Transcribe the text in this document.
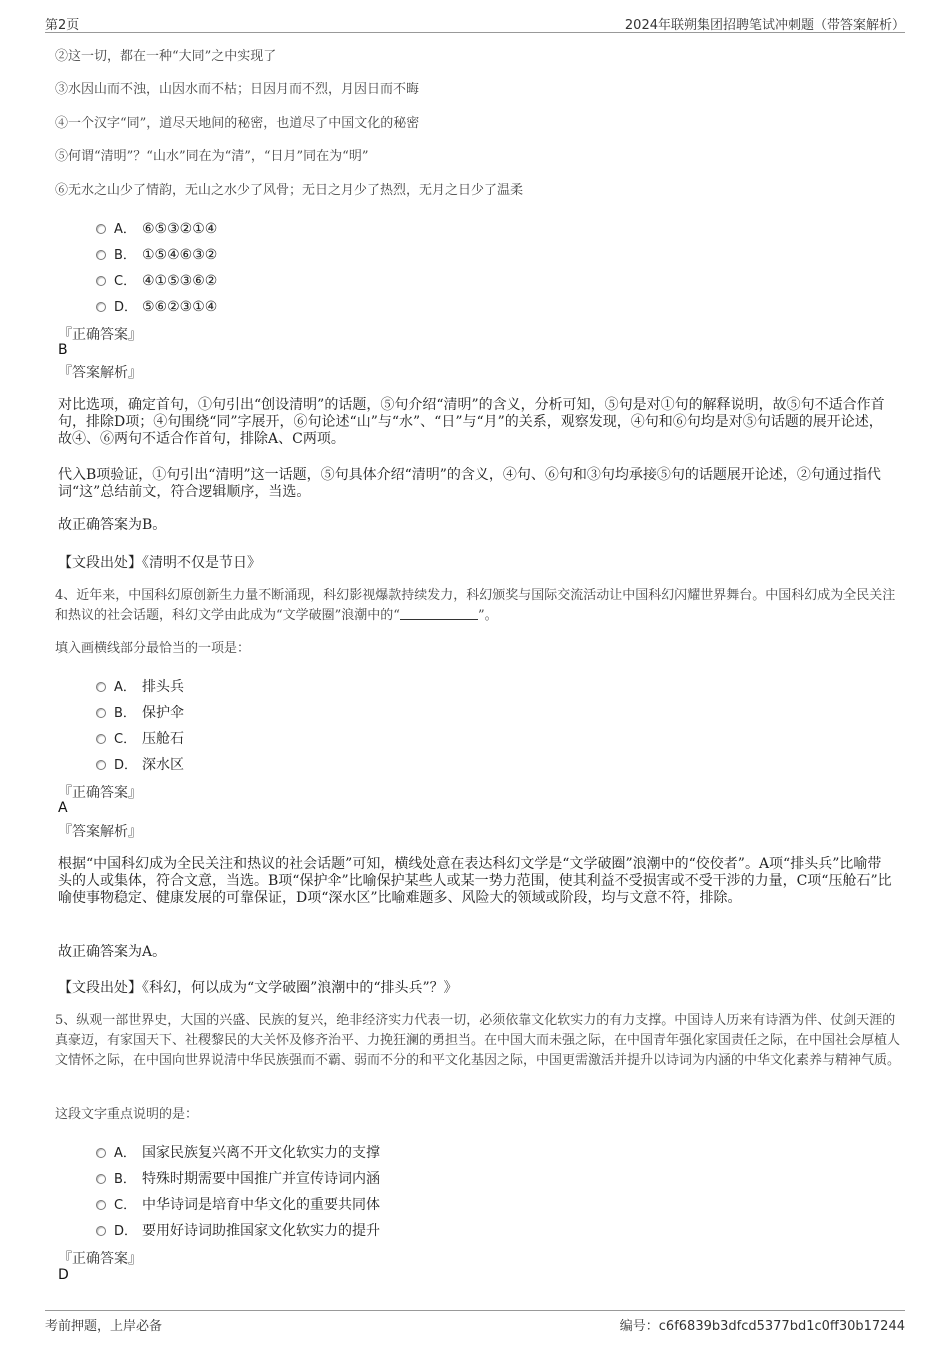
第2页	2024年联朔集团招聘笔试冲刺题（带答案解析）
②这一切，都在一种“大同”之中实现了
③水因山而不浊，山因水而不枯；日因月而不烈，月因日而不晦
④一个汉字“同”，道尽天地间的秘密，也道尽了中国文化的秘密
⑤何谓“清明”？“山水”同在为“清”，“日月”同在为“明”
⑥无水之山少了情韵，无山之水少了风骨；无日之月少了热烈，无月之日少了温柔
A． ⑥⑤③②①④
B． ①⑤④⑥③②
C． ④①⑤③⑥②
D． ⑤⑥②③①④
『正确答案』
B
『答案解析』
对比选项，确定首句，①句引出“创设清明”的话题，⑤句介绍“清明”的含义，分析可知，⑤句是对①句的解释说明，故⑤句不适合作首句，排除D项；④句围绕“同”字展开，⑥句论述“山”与“水”、“日”与“月”的关系，观察发现，④句和⑥句均是对⑤句话题的展开论述，故④、⑥两句不适合作首句，排除A、C两项。
代入B项验证，①句引出“清明”这一话题，⑤句具体介绍“清明”的含义，④句、⑥句和③句均承接⑤句的话题展开论述，②句通过指代词“这”总结前文，符合逻辑顺序，当选。
故正确答案为B。
【文段出处】《清明不仅是节日》
4、近年来，中国科幻原创新生力量不断涌现，科幻影视爆款持续发力，科幻颁奖与国际交流活动让中国科幻闪耀世界舞台。中国科幻成为全民关注和热议的社会话题，科幻文学由此成为“文学破圈”浪潮中的“	”。
填入画横线部分最恰当的一项是：
A． 排头兵
B． 保护伞
C． 压舱石
D． 深水区
『正确答案』
A
『答案解析』
根据“中国科幻成为全民关注和热议的社会话题”可知，横线处意在表达科幻文学是“文学破圈”浪潮中的“佼佼者”。A项“排头兵”比喻带头的人或集体，符合文意，当选。B项“保护伞”比喻保护某些人或某一势力范围，使其利益不受损害或不受干涉的力量，C项“压舱石”比喻使事物稳定、健康发展的可靠保证，D项“深水区”比喻难题多、风险大的领域或阶段，均与文意不符，排除。
故正确答案为A。
【文段出处】《科幻，何以成为“文学破圈”浪潮中的“排头兵”？》
5、纵观一部世界史，大国的兴盛、民族的复兴，绝非经济实力代表一切，必须依靠文化软实力的有力支撑。中国诗人历来有诗酒为伴、仗剑天涯的真豪迈，有家国天下、社稷黎民的大关怀及修齐治平、力挽狂澜的勇担当。在中国大而未强之际，在中国青年强化家国责任之际，在中国社会厚植人文情怀之际，在中国向世界说清中华民族强而不霸、弱而不分的和平文化基因之际，中国更需激活并提升以诗词为内涵的中华文化素养与精神气质。
这段文字重点说明的是：
A． 国家民族复兴离不开文化软实力的支撑
B． 特殊时期需要中国推广并宣传诗词内涵
C． 中华诗词是培育中华文化的重要共同体
D． 要用好诗词助推国家文化软实力的提升
『正确答案』
D
考前押题，上岸必备	编号：c6f6839b3dfcd5377bd1c0ff30b17244
